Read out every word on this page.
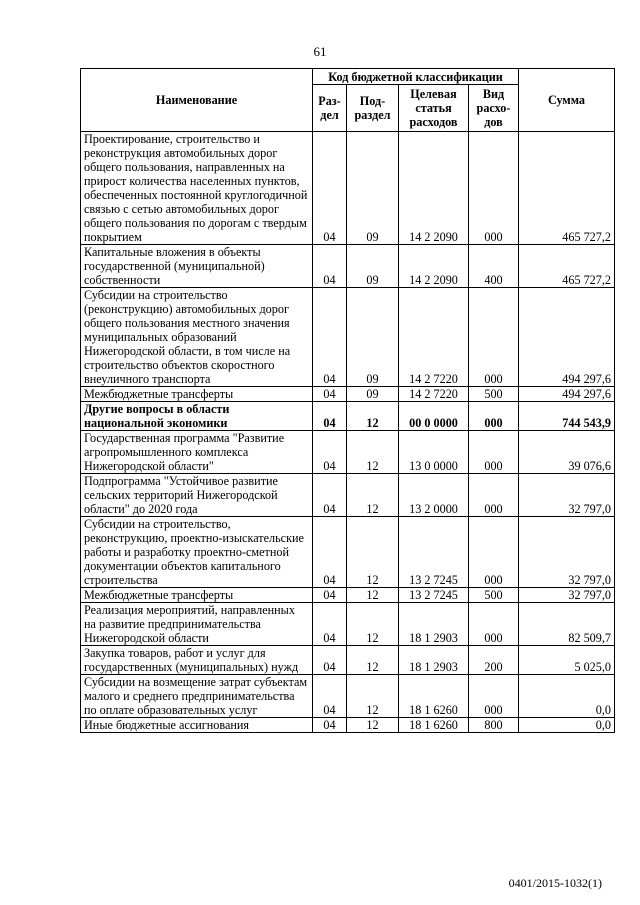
61
Наименование	Код бюджетной классификации				Сумма
	Раз- дел	Под- раздел	Целевая статья расходов	Вид расхо- дов	
Проектирование, строительство и реконструкция автомобильных дорог общего пользования, направленных на прирост количества населенных пунктов, обеспеченных постоянной круглогодичной связью с сетью автомобильных дорог общего пользования по дорогам с твердым покрытием	04	09	14 2 2090	000	465 727,2
Капитальные вложения в объекты государственной (муниципальной) собственности	04	09	14 2 2090	400	465 727,2
Субсидии на строительство (реконструкцию) автомобильных дорог общего пользования местного значения муниципальных образований Нижегородской области, в том числе на строительство объектов скоростного внеуличного транспорта	04	09	14 2 7220	000	494 297,6
Межбюджетные трансферты	04	09	14 2 7220	500	494 297,6
Другие вопросы в области национальной экономики	04	12	00 0 0000	000	744 543,9
Государственная программа "Развитие агропромышленного комплекса Нижегородской области"	04	12	13 0 0000	000	39 076,6
Подпрограмма "Устойчивое развитие сельских территорий Нижегородской области" до 2020 года	04	12	13 2 0000	000	32 797,0
Субсидии на строительство, реконструкцию, проектно-изыскательские работы и разработку проектно-сметной документации объектов капитального строительства	04	12	13 2 7245	000	32 797,0
Межбюджетные трансферты	04	12	13 2 7245	500	32 797,0
Реализация мероприятий, направленных на развитие предпринимательства Нижегородской области	04	12	18 1 2903	000	82 509,7
Закупка товаров, работ и услуг для государственных (муниципальных) нужд	04	12	18 1 2903	200	5 025,0
Субсидии на возмещение затрат субъектам малого и среднего предпринимательства по оплате образовательных услуг	04	12	18 1 6260	000	0,0
Иные бюджетные ассигнования	04	12	18 1 6260	800	0,0
0401/2015-1032(1)
